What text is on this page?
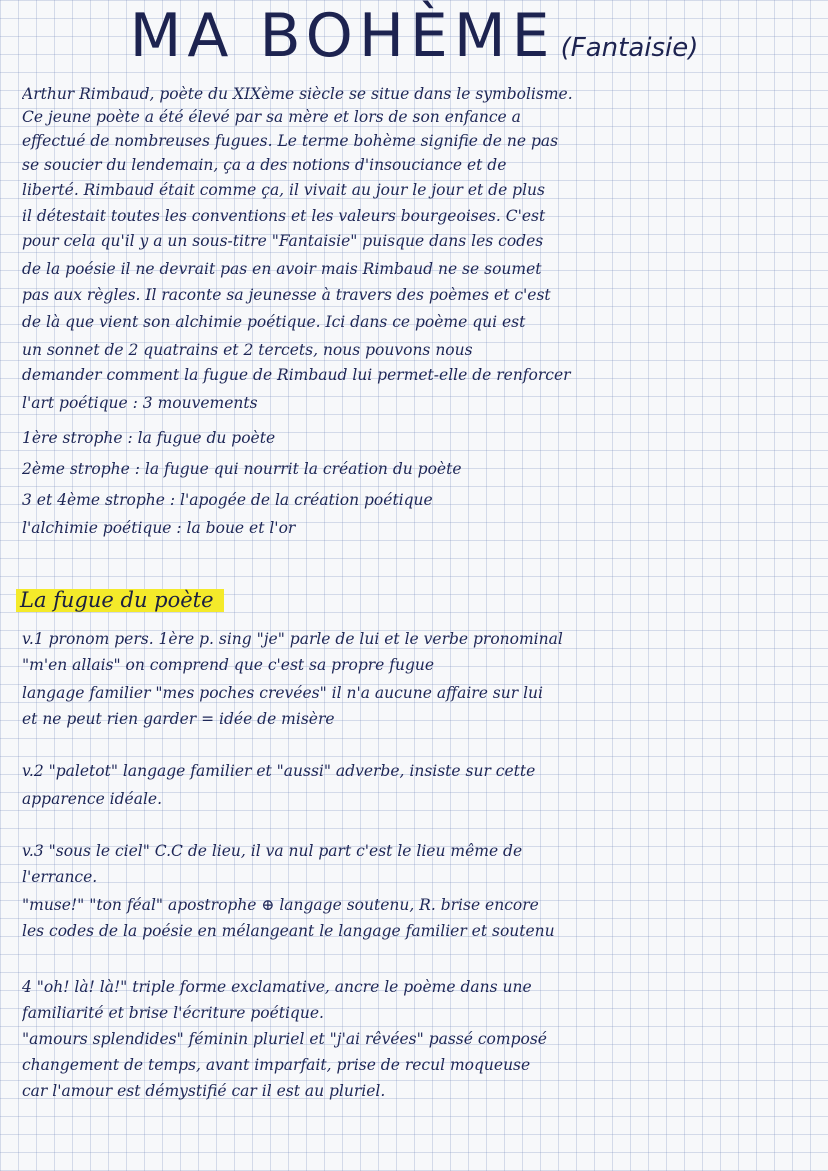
MA BOHÈME (Fantaisie)
Arthur Rimbaud, poète du XIXème siècle se situe dans le symbolisme.
Ce jeune poète a été élevé par sa mère et lors de son enfance a
effectué de nombreuses fugues. Le terme bohème signifie de ne pas
se soucier du lendemain, ça a des notions d'insouciance et de
liberté. Rimbaud était comme ça, il vivait au jour le jour et de plus
il détestait toutes les conventions et les valeurs bourgeoises. C'est
pour cela qu'il y a un sous-titre "Fantaisie" puisque dans les codes
de la poésie il ne devrait pas en avoir mais Rimbaud ne se soumet
pas aux règles. Il raconte sa jeunesse à travers des poèmes et c'est
de là que vient son alchimie poétique. Ici dans ce poème qui est
un sonnet de 2 quatrains et 2 tercets, nous pouvons nous
demander comment la fugue de Rimbaud lui permet-elle de renforcer
l'art poétique : 3 mouvements
1ère strophe : la fugue du poète
2ème strophe : la fugue qui nourrit la création du poète
3 et 4ème strophe : l'apogée de la création poétique
l'alchimie poétique : la boue et l'or
La fugue du poète
v.1 pronom pers. 1ère p. sing "je" parle de lui et le verbe pronominal
"m'en allais" on comprend que c'est sa propre fugue
langage familier "mes poches crevées" il n'a aucune affaire sur lui
et ne peut rien garder = idée de misère
v.2 "paletot" langage familier et "aussi" adverbe, insiste sur cette
apparence idéale.
v.3 "sous le ciel" C.C de lieu, il va nul part c'est le lieu même de
l'errance.
"muse!" "ton féal" apostrophe ⊕ langage soutenu, R. brise encore
les codes de la poésie en mélangeant le langage familier et soutenu
4 "oh! là! là!" triple forme exclamative, ancre le poème dans une
familiarité et brise l'écriture poétique.
"amours splendides" féminin pluriel et "j'ai rêvées" passé composé
changement de temps, avant imparfait, prise de recul moqueuse
car l'amour est démystifié car il est au pluriel.
